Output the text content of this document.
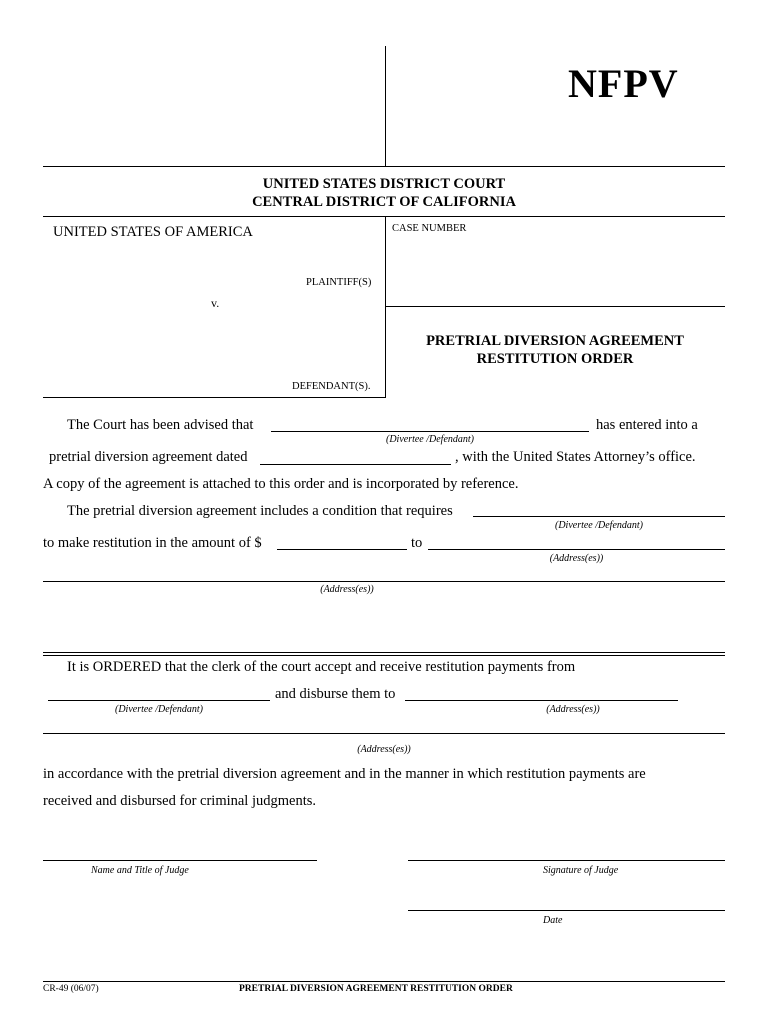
NFPV
UNITED STATES DISTRICT COURT
CENTRAL DISTRICT OF CALIFORNIA
UNITED STATES OF AMERICA
PLAINTIFF(S)
v.
DEFENDANT(S).
CASE NUMBER
PRETRIAL DIVERSION AGREEMENT
RESTITUTION ORDER
The Court has been advised that	has entered into a
(Divertee /Defendant)
pretrial diversion agreement dated	, with the United States Attorney’s office.
A copy of the agreement is attached to this order and is incorporated by reference.
The pretrial diversion agreement includes a condition that requires
(Divertee /Defendant)
to make restitution in the amount of $	to
(Address(es))
(Address(es))
It is ORDERED that the clerk of the court accept and receive restitution payments from
and disburse them to
(Divertee /Defendant)	(Address(es))
(Address(es))
in accordance with the pretrial diversion agreement and in the manner in which restitution payments are
received and disbursed for criminal judgments.
Name and Title of Judge	Signature of Judge
Date
CR-49 (06/07)	PRETRIAL DIVERSION AGREEMENT RESTITUTION ORDER
